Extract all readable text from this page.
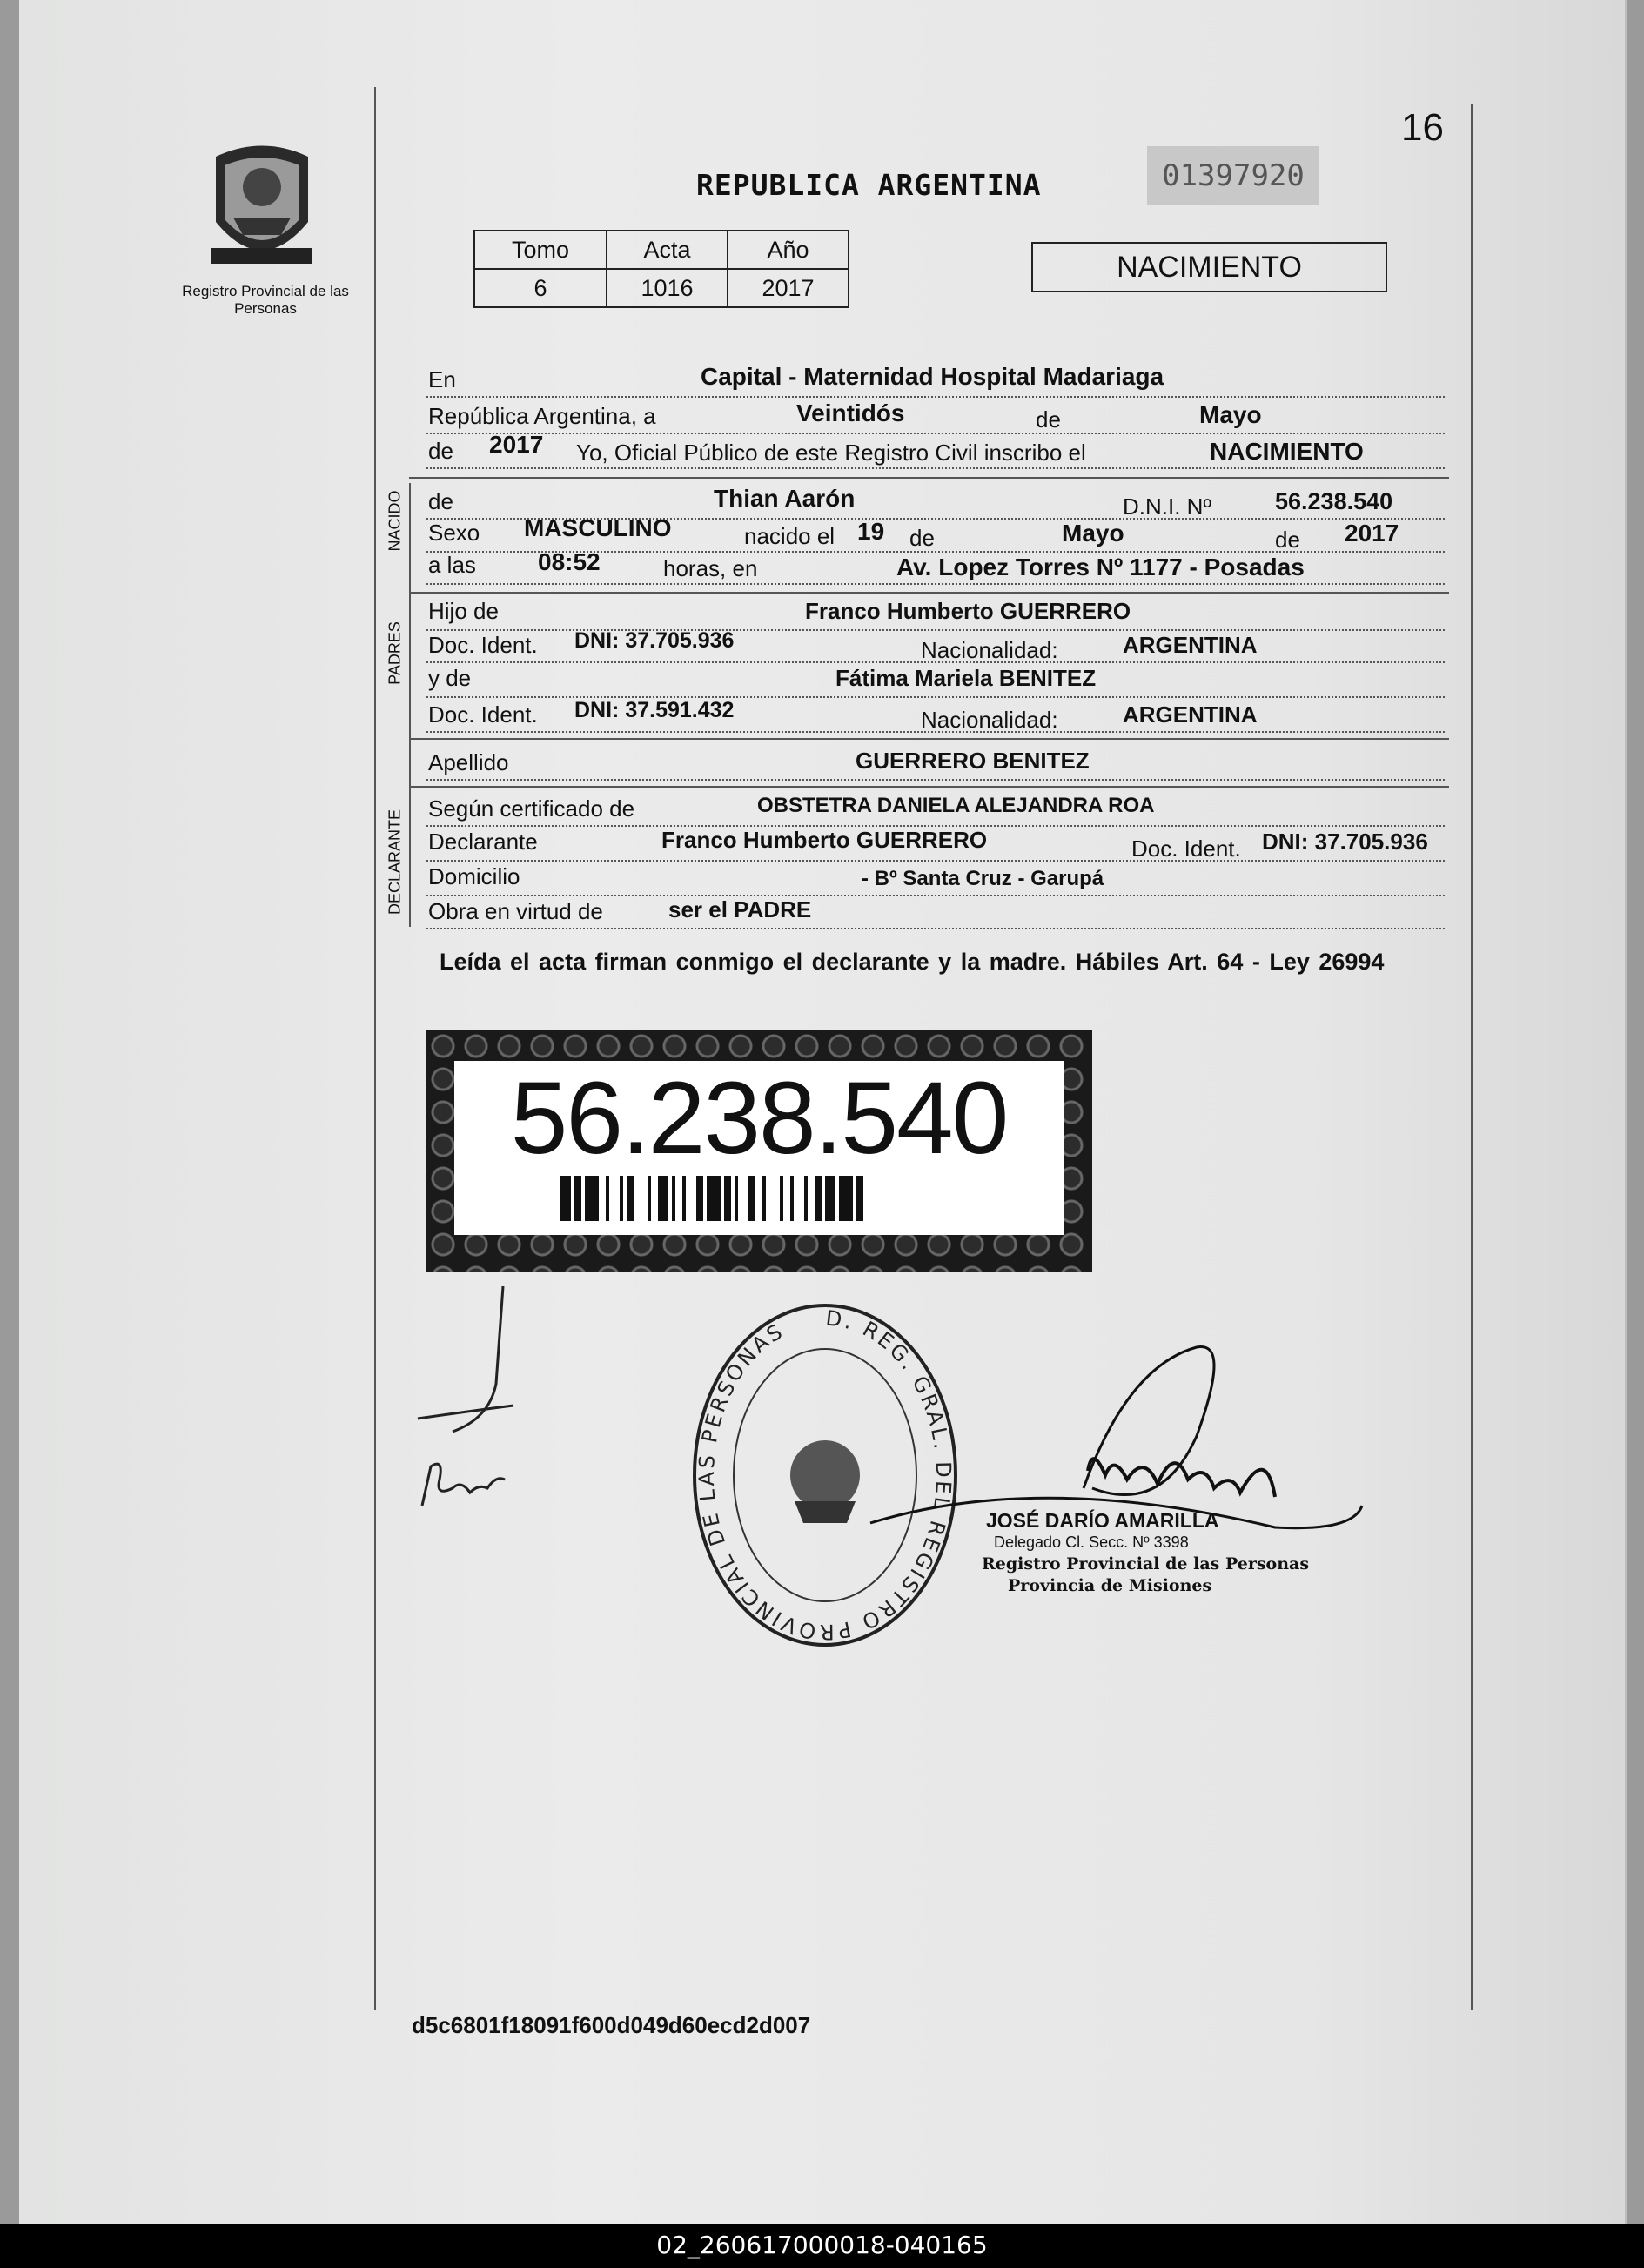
16
Registro Provincial de las Personas
REPUBLICA ARGENTINA	01397920
Tomo	Acta	Año
6	1016	2017
NACIMIENTO
En	Capital - Maternidad Hospital Madariaga
República Argentina, a	Veintidós	de	Mayo
de 2017 Yo, Oficial Público de este Registro Civil inscribo el	NACIMIENTO
de	Thian Aarón	D.N.I. Nº	56.238.540
Sexo MASCULINO	nacido el 19 de	Mayo	de 2017
a las	08:52	horas, en	Av. Lopez Torres Nº 1177 - Posadas
Hijo de	Franco Humberto GUERRERO
Doc. Ident. DNI: 37.705.936	Nacionalidad:	ARGENTINA
y de	Fátima Mariela BENITEZ
Doc. Ident. DNI: 37.591.432	Nacionalidad:	ARGENTINA
Apellido	GUERRERO BENITEZ
Según certificado de	OBSTETRA DANIELA ALEJANDRA ROA
Declarante	Franco Humberto GUERRERO	Doc. Ident. DNI: 37.705.936
Domicilio	- Bº Santa Cruz - Garupá
Obra en virtud de	ser el PADRE
NACIDO
PADRES
DECLARANTE
Leída el acta firman conmigo el declarante y la madre. Hábiles Art. 64 - Ley 26994
56.238.540
D. REG. GRAL. DEL REGISTRO PROVINCIAL DE LAS PERSONAS
JOSÉ DARÍO AMARILLA
Delegado Cl. Secc. Nº 3398
Registro Provincial de las Personas
Provincia de Misiones
d5c6801f18091f600d049d60ecd2d007
02_260617000018-040165
